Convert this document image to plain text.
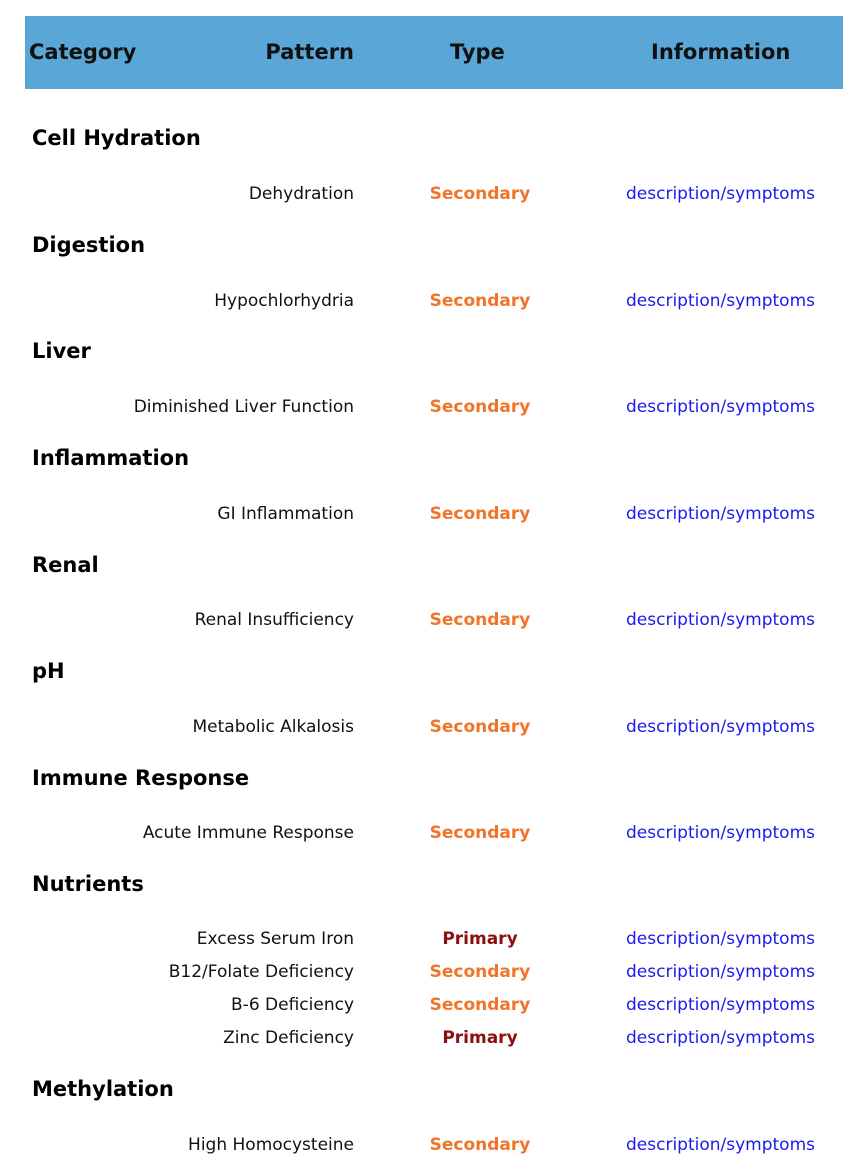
Category	Pattern	Type	Information
Cell Hydration
Dehydration	Secondary	description/symptoms
Digestion
Hypochlorhydria	Secondary	description/symptoms
Liver
Diminished Liver Function	Secondary	description/symptoms
Inflammation
GI Inflammation	Secondary	description/symptoms
Renal
Renal Insufficiency	Secondary	description/symptoms
pH
Metabolic Alkalosis	Secondary	description/symptoms
Immune Response
Acute Immune Response	Secondary	description/symptoms
Nutrients
Excess Serum Iron	Primary	description/symptoms
B12/Folate Deficiency	Secondary	description/symptoms
B-6 Deficiency	Secondary	description/symptoms
Zinc Deficiency	Primary	description/symptoms
Methylation
High Homocysteine	Secondary	description/symptoms
